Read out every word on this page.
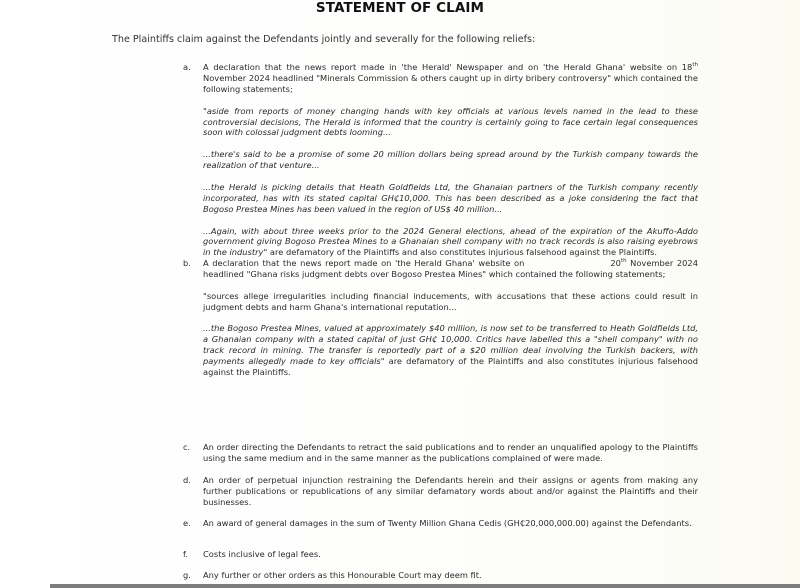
STATEMENT OF CLAIM
The Plaintiffs claim against the Defendants jointly and severally for the following reliefs:
a.	A declaration that the news report made in 'the Herald' Newspaper and on 'the Herald Ghana' website on 18th November 2024 headlined "Minerals Commission & others caught up in dirty bribery controversy" which contained the following statements;

"aside from reports of money changing hands with key officials at various levels named in the lead to these controversial decisions, The Herald is informed that the country is certainly going to face certain legal consequences soon with colossal judgment debts looming...

...there's said to be a promise of some 20 million dollars being spread around by the Turkish company towards the realization of that venture...

...the Herald is picking details that Heath Goldfields Ltd, the Ghanaian partners of the Turkish company recently incorporated, has with its stated capital GH₵10,000. This has been described as a joke considering the fact that Bogoso Prestea Mines has been valued in the region of US$ 40 million...

...Again, with about three weeks prior to the 2024 General elections, ahead of the expiration of the Akuffo-Addo government giving Bogoso Prestea Mines to a Ghanaian shell company with no track records is also raising eyebrows in the industry" are defamatory of the Plaintiffs and also constitutes injurious falsehood against the Plaintiffs.

b.	A declaration that the news report made on 'the Herald Ghana' website on	20th November 2024 headlined "Ghana risks judgment debts over Bogoso Prestea Mines" which contained the following statements;

"sources allege irregularities including financial inducements, with accusations that these actions could result in judgment debts and harm Ghana's international reputation...

...the Bogoso Prestea Mines, valued at approximately $40 million, is now set to be transferred to Heath Goldfields Ltd, a Ghanaian company with a stated capital of just GH₵ 10,000. Critics have labelled this a "shell company" with no track record in mining. The transfer is reportedly part of a $20 million deal involving the Turkish backers, with payments allegedly made to key officials" are defamatory of the Plaintiffs and also constitutes injurious falsehood against the Plaintiffs.

c.	An order directing the Defendants to retract the said publications and to render an unqualified apology to the Plaintiffs using the same medium and in the same manner as the publications complained of were made.
d.	An order of perpetual injunction restraining the Defendants herein and their assigns or agents from making any further publications or republications of any similar defamatory words about and/or against the Plaintiffs and their businesses.
e.	An award of general damages in the sum of Twenty Million Ghana Cedis (GH₵20,000,000.00) against the Defendants.
f.	Costs inclusive of legal fees.
g.	Any further or other orders as this Honourable Court may deem fit.
